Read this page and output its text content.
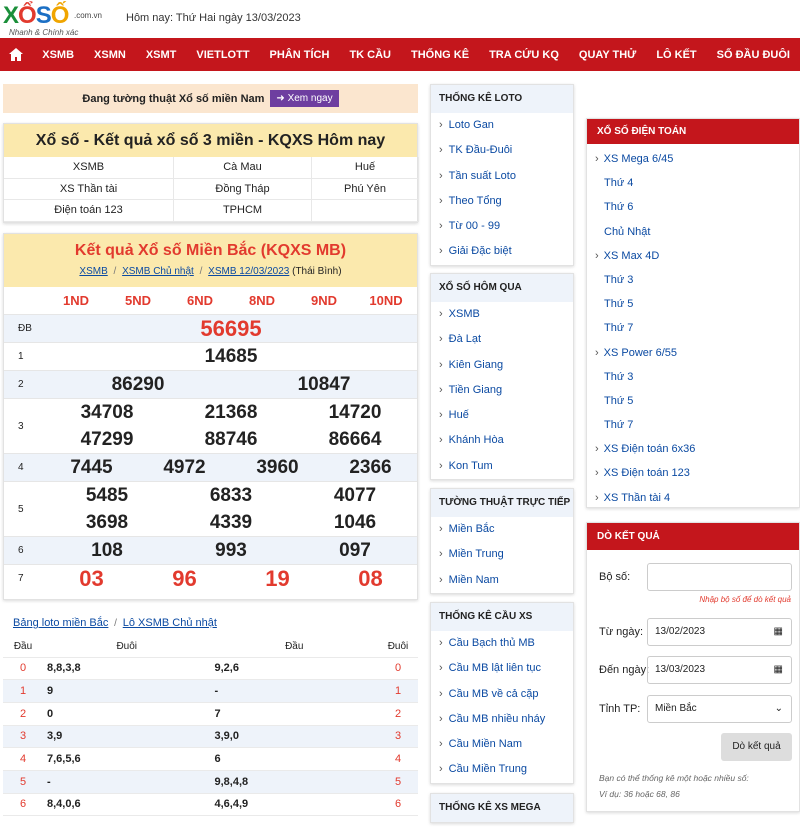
XỔSỐ .com.vn
Nhanh & Chính xác
Hôm nay: Thứ Hai ngày 13/03/2023
XSMB	XSMN	XSMT	VIETLOTT	PHÂN TÍCH	TK CẦU	THỐNG KÊ	TRA CỨU KQ	QUAY THỬ	LÔ KẾT	SỐ ĐẦU ĐUÔI
Đang tường thuật Xổ số miền Nam	➜ Xem ngay
Xổ số - Kết quả xổ số 3 miền - KQXS Hôm nay
XSMB	Cà Mau	Huế
XS Thần tài	Đồng Tháp	Phú Yên
Điện toán 123	TPHCM
Kết quả Xổ số Miền Bắc (KQXS MB)
XSMB / XSMB Chủ nhật / XSMB 12/03/2023 (Thái Bình)
1ND	5ND	6ND	8ND	9ND	10ND
ĐB	56695
1	14685
2	86290	10847
3
34708	21368	14720
47299	88746	86664
4	7445	4972	3960	2366
5
5485	6833	4077
3698	4339	1046
6	108	993	097
7	03	96	19	08
Bảng loto miền Bắc / Lô XSMB Chủ nhật
Đầu	Đuôi	Đầu	Đuôi
0	8,8,3,8	9,2,6	0
1	9	-	1
2	0	7	2
3	3,9	3,9,0	3
4	7,6,5,6	6	4
5	-	9,8,4,8	5
6	8,4,0,6	4,6,4,9	6
THỐNG KÊ LOTO
› Loto Gan
› TK Đầu-Đuôi
› Tần suất Loto
› Theo Tổng
› Từ 00 - 99
› Giải Đặc biệt
XỔ SỐ HÔM QUA
› XSMB
› Đà Lạt
› Kiên Giang
› Tiền Giang
› Huế
› Khánh Hòa
› Kon Tum
TƯỜNG THUẬT TRỰC TIẾP
› Miền Bắc
› Miền Trung
› Miền Nam
THỐNG KÊ CẦU XS
› Cầu Bạch thủ MB
› Cầu MB lật liên tục
› Cầu MB về cả cặp
› Cầu MB nhiều nháy
› Cầu Miền Nam
› Cầu Miền Trung
THỐNG KÊ XS MEGA
XỔ SỐ ĐIỆN TOÁN
› XS Mega 6/45
Thứ 4
Thứ 6
Chủ Nhật
› XS Max 4D
Thứ 3
Thứ 5
Thứ 7
› XS Power 6/55
Thứ 3
Thứ 5
Thứ 7
› XS Điện toán 6x36
› XS Điện toán 123
› XS Thần tài 4
DÒ KẾT QUẢ
Bộ số:
Nhập bộ số để dò kết quả
Từ ngày:	13/02/2023	▦
Đến ngày: 13/03/2023	▦
Tỉnh TP:	Miền Bắc	⌄
Dò kết quả
Bạn có thể thống kê một hoặc nhiều số:
Ví dụ: 36 hoặc 68, 86
